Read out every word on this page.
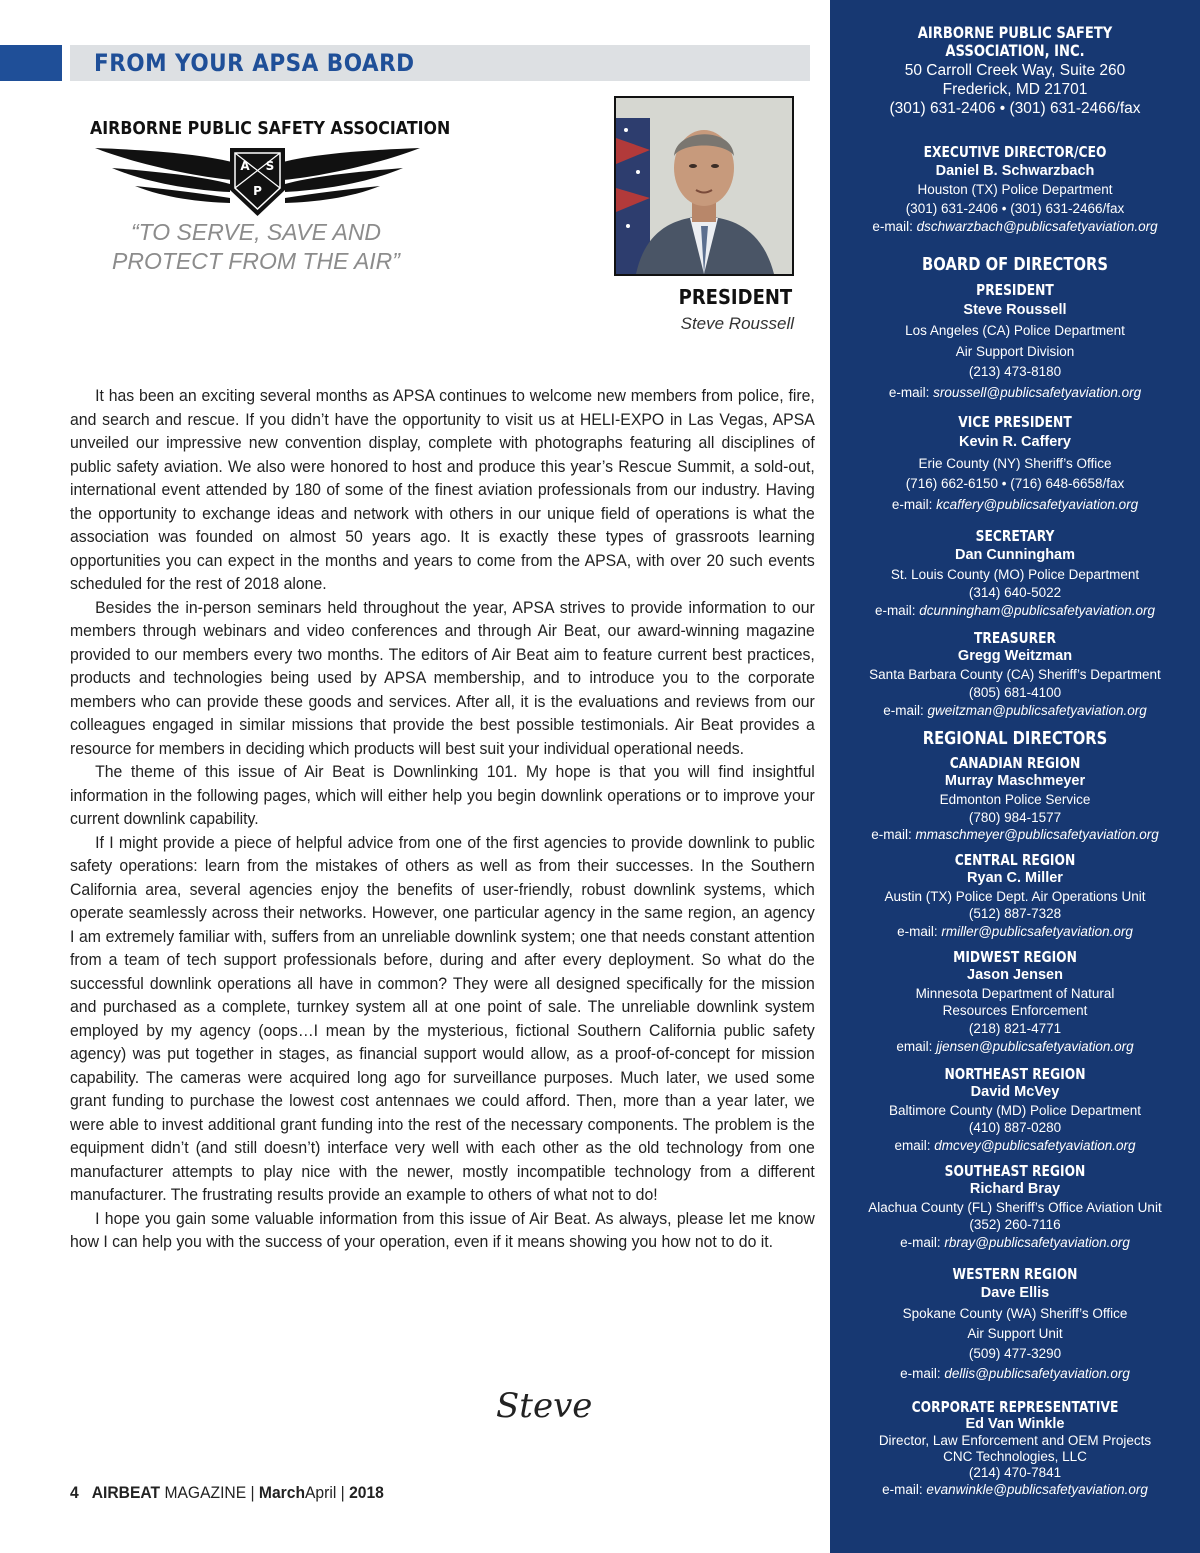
FROM YOUR APSA BOARD
AIRBORNE PUBLIC SAFETY ASSOCIATION
A S
P
“TO SERVE, SAVE AND
PROTECT FROM THE AIR”
PRESIDENT
Steve Roussell

It has been an exciting several months as APSA continues to welcome new members from police, fire, and search and rescue. If you didn’t have the opportunity to visit us at HELI-EXPO in Las Vegas, APSA unveiled our impressive new convention display, complete with photographs featuring all disciplines of public safety aviation. We also were honored to host and produce this year’s Rescue Summit, a sold-out, international event attended by 180 of some of the finest aviation professionals from our industry. Having the opportunity to exchange ideas and network with others in our unique field of operations is what the association was founded on almost 50 years ago. It is exactly these types of grassroots learning opportunities you can expect in the months and years to come from the APSA, with over 20 such events scheduled for the rest of 2018 alone.

Besides the in-person seminars held throughout the year, APSA strives to provide information to our members through webinars and video conferences and through Air Beat, our award-winning magazine provided to our members every two months. The editors of Air Beat aim to feature current best practices, products and technologies being used by APSA membership, and to introduce you to the corporate members who can provide these goods and services. After all, it is the evaluations and reviews from our colleagues engaged in similar missions that provide the best possible testimonials. Air Beat provides a resource for members in deciding which products will best suit your individual operational needs.

The theme of this issue of Air Beat is Downlinking 101. My hope is that you will find insightful information in the following pages, which will either help you begin downlink operations or to improve your current downlink capability.

If I might provide a piece of helpful advice from one of the first agencies to provide downlink to public safety operations: learn from the mistakes of others as well as from their successes. In the Southern California area, several agencies enjoy the benefits of user-friendly, robust downlink systems, which operate seamlessly across their networks. However, one particular agency in the same region, an agency I am extremely familiar with, suffers from an unreliable downlink system; one that needs constant attention from a team of tech support professionals before, during and after every deployment. So what do the successful downlink operations all have in common? They were all designed specifically for the mission and purchased as a complete, turnkey system all at one point of sale. The unreliable downlink system employed by my agency (oops…I mean by the mysterious, fictional Southern California public safety agency) was put together in stages, as financial support would allow, as a proof-of-concept for mission capability. The cameras were acquired long ago for surveillance purposes. Much later, we used some grant funding to purchase the lowest cost antennaes we could afford. Then, more than a year later, we were able to invest additional grant funding into the rest of the necessary components. The problem is the equipment didn’t (and still doesn’t) interface very well with each other as the old technology from one manufacturer attempts to play nice with the newer, mostly incompatible technology from a different manufacturer. The frustrating results provide an example to others of what not to do!

I hope you gain some valuable information from this issue of Air Beat. As always, please let me know how I can help you with the success of your operation, even if it means showing you how not to do it.

Steve
4 AIRBEAT MAGAZINE | MarchApril | 2018
AIRBORNE PUBLIC SAFETY
ASSOCIATION, INC.
50 Carroll Creek Way, Suite 260
Frederick, MD 21701
(301) 631-2406 • (301) 631-2466/fax
EXECUTIVE DIRECTOR/CEO
Daniel B. Schwarzbach
Houston (TX) Police Department
(301) 631-2406 • (301) 631-2466/fax
e-mail: dschwarzbach@publicsafetyaviation.org
BOARD OF DIRECTORS
PRESIDENT
Steve Roussell
Los Angeles (CA) Police Department
Air Support Division
(213) 473-8180
e-mail: sroussell@publicsafetyaviation.org
VICE PRESIDENT
Kevin R. Caffery
Erie County (NY) Sheriff’s Office
(716) 662-6150 • (716) 648-6658/fax
e-mail: kcaffery@publicsafetyaviation.org
SECRETARY
Dan Cunningham
St. Louis County (MO) Police Department
(314) 640-5022
e-mail: dcunningham@publicsafetyaviation.org
TREASURER
Gregg Weitzman
Santa Barbara County (CA) Sheriff’s Department
(805) 681-4100
e-mail: gweitzman@publicsafetyaviation.org
REGIONAL DIRECTORS
CANADIAN REGION
Murray Maschmeyer
Edmonton Police Service
(780) 984-1577
e-mail: mmaschmeyer@publicsafetyaviation.org
CENTRAL REGION
Ryan C. Miller
Austin (TX) Police Dept. Air Operations Unit
(512) 887-7328
e-mail: rmiller@publicsafetyaviation.org
MIDWEST REGION
Jason Jensen
Minnesota Department of Natural
Resources Enforcement
(218) 821-4771
email: jjensen@publicsafetyaviation.org
NORTHEAST REGION
David McVey
Baltimore County (MD) Police Department
(410) 887-0280
email: dmcvey@publicsafetyaviation.org
SOUTHEAST REGION
Richard Bray
Alachua County (FL) Sheriff’s Office Aviation Unit
(352) 260-7116
e-mail: rbray@publicsafetyaviation.org
WESTERN REGION
Dave Ellis
Spokane County (WA) Sheriff’s Office
Air Support Unit
(509) 477-3290
e-mail: dellis@publicsafetyaviation.org
CORPORATE REPRESENTATIVE
Ed Van Winkle
Director, Law Enforcement and OEM Projects
CNC Technologies, LLC
(214) 470-7841
e-mail: evanwinkle@publicsafetyaviation.org
